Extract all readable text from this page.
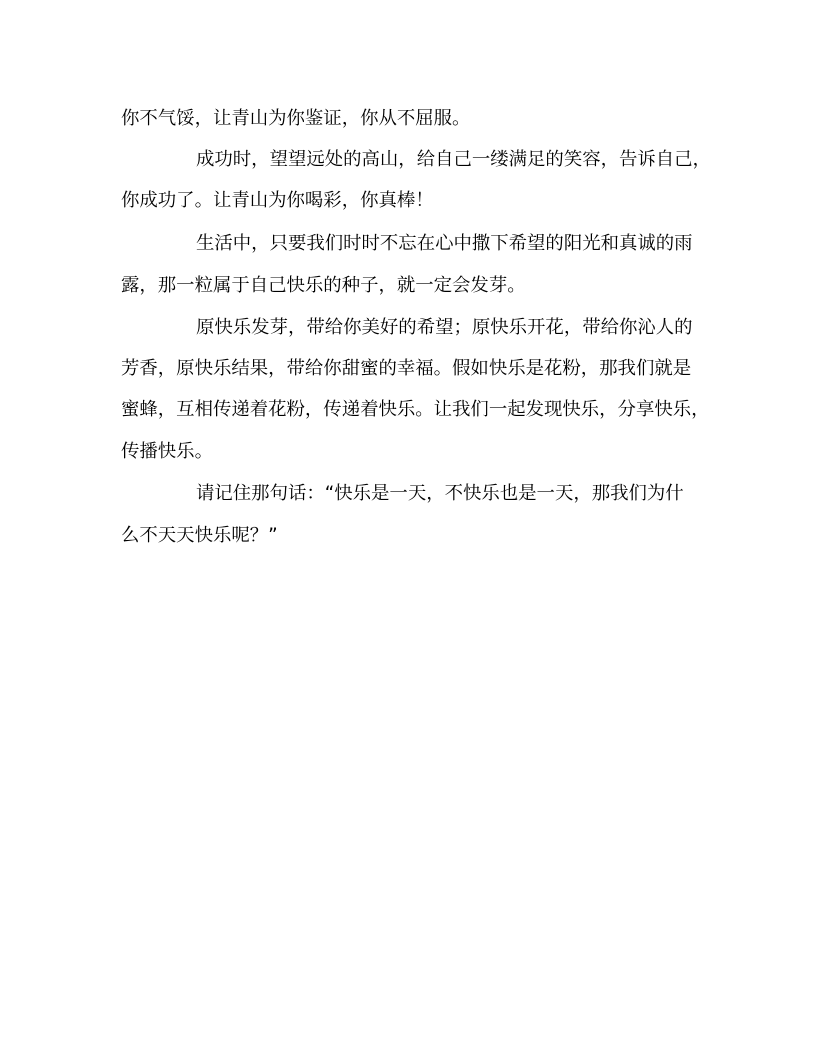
你不气馁，让青山为你鉴证，你从不屈服。
成功时，望望远处的高山，给自己一缕满足的笑容，告诉自己，
你成功了。让青山为你喝彩，你真棒！
生活中，只要我们时时不忘在心中撒下希望的阳光和真诚的雨
露，那一粒属于自己快乐的种子，就一定会发芽。
原快乐发芽，带给你美好的希望；原快乐开花，带给你沁人的
芳香，原快乐结果，带给你甜蜜的幸福。假如快乐是花粉，那我们就是
蜜蜂，互相传递着花粉，传递着快乐。让我们一起发现快乐，分享快乐，
传播快乐。
请记住那句话：“快乐是一天，不快乐也是一天，那我们为什
么不天天快乐呢？”
